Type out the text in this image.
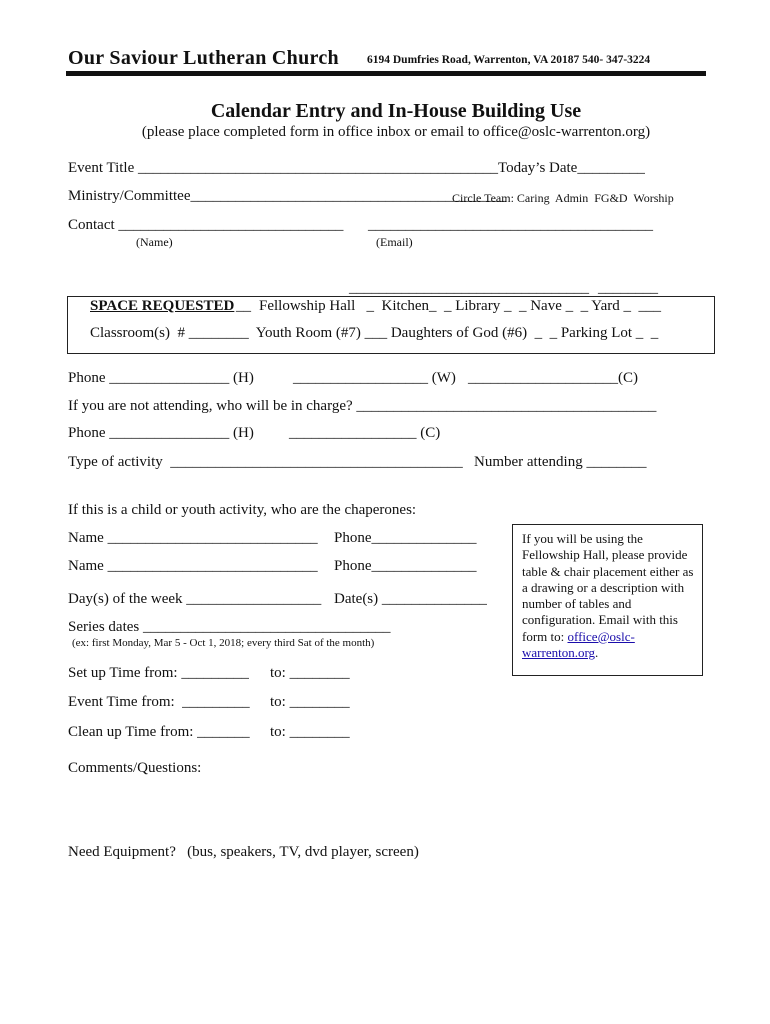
Our Saviour Lutheran Church 6194 Dumfries Road, Warrenton, VA 20187 540- 347-3224
Calendar Entry and In-House Building Use
(please place completed form in office inbox or email to office@oslc-warrenton.org)
Event Title ________________________________________________ Today’s Date_________
Ministry/Committee__________________________________________
Circle Team: Caring  Admin  FG&D  Worship
Contact ______________________________ ______________________________________
(Name)	(Email)
________________________________ ________
SPACE REQUESTED __ Fellowship Hall   _  Kitchen_  _ Library _  _ Nave _  _ Yard _  ___
Classroom(s)  # ________  Youth Room (#7) ___ Daughters of God (#6)  _  _ Parking Lot _  _
Phone ________________ (H)	__________________ (W) ____________________(C)
If you are not attending, who will be in charge? ________________________________________
Phone ________________ (H) _________________ (C)
Type of activity  _______________________________________ Number attending ________
If this is a child or youth activity, who are the chaperones:
Name ____________________________ Phone______________
Name ____________________________ Phone______________
Day(s) of the week __________________ Date(s) ______________
Series dates _________________________________
(ex: first Monday, Mar 5 - Oct 1, 2018; every third Sat of the month)
If you will be using the Fellowship Hall, please provide table & chair placement either as a drawing or a description with number of tables and configuration. Email with this form to: office@oslc-warrenton.org.
Set up Time from: _________ to: ________
Event Time from:  _________ to: ________
Clean up Time from: _______ to: ________
Comments/Questions:
Need Equipment?   (bus, speakers, TV, dvd player, screen)
